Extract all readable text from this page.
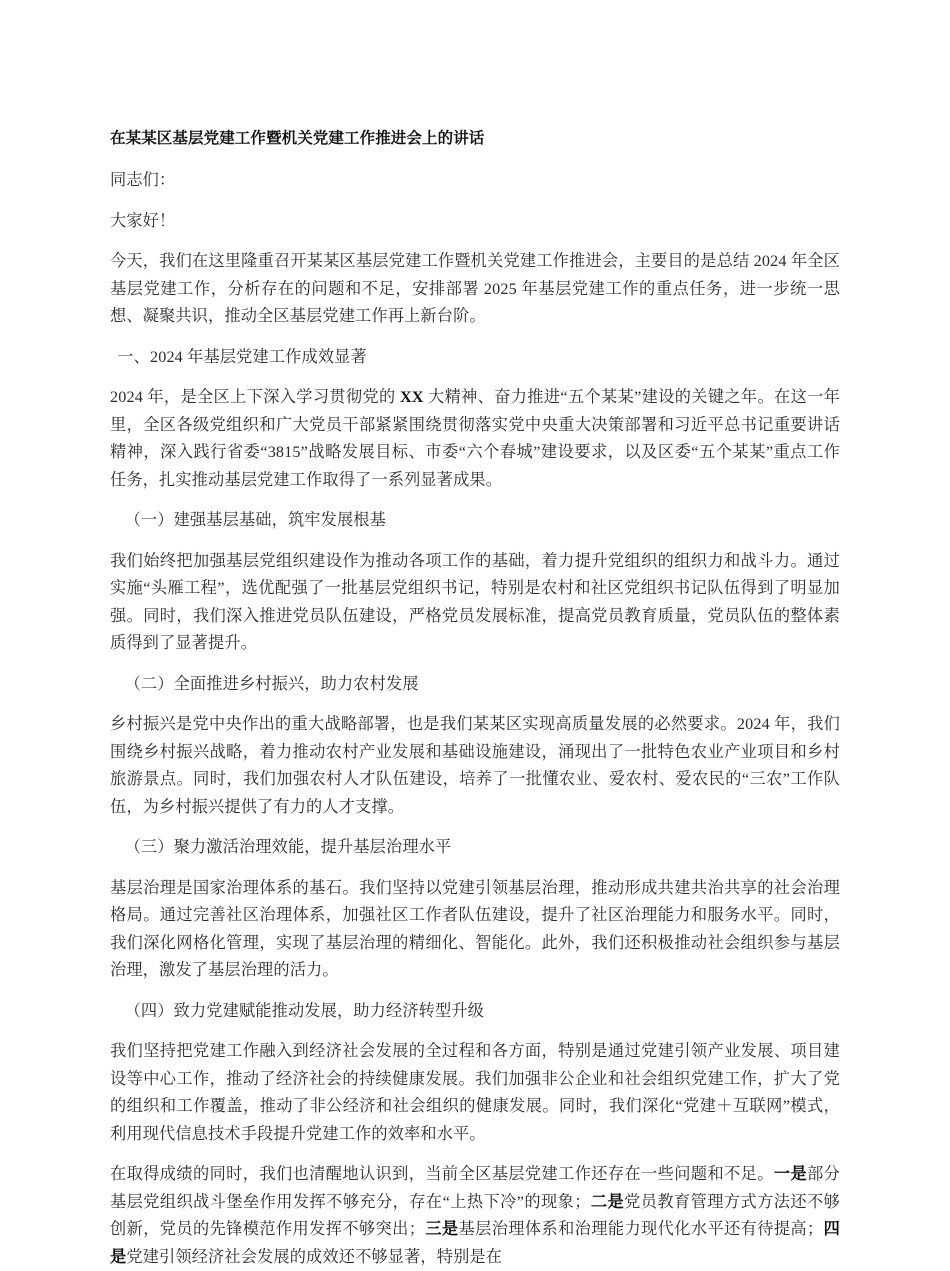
在某某区基层党建工作暨机关党建工作推进会上的讲话

同志们：

大家好！

今天，我们在这里隆重召开某某区基层党建工作暨机关党建工作推进会，主要目的是总结 2024 年全区基层党建工作，分析存在的问题和不足，安排部署 2025 年基层党建工作的重点任务，进一步统一思想、凝聚共识，推动全区基层党建工作再上新台阶。

一、2024 年基层党建工作成效显著

2024 年，是全区上下深入学习贯彻党的 XX 大精神、奋力推进“五个某某”建设的关键之年。在这一年里，全区各级党组织和广大党员干部紧紧围绕贯彻落实党中央重大决策部署和习近平总书记重要讲话精神，深入践行省委“3815”战略发展目标、市委“六个春城”建设要求，以及区委“五个某某”重点工作任务，扎实推动基层党建工作取得了一系列显著成果。

（一）建强基层基础，筑牢发展根基

我们始终把加强基层党组织建设作为推动各项工作的基础，着力提升党组织的组织力和战斗力。通过实施“头雁工程”，选优配强了一批基层党组织书记，特别是农村和社区党组织书记队伍得到了明显加强。同时，我们深入推进党员队伍建设，严格党员发展标准，提高党员教育质量，党员队伍的整体素质得到了显著提升。

（二）全面推进乡村振兴，助力农村发展

乡村振兴是党中央作出的重大战略部署，也是我们某某区实现高质量发展的必然要求。2024 年，我们围绕乡村振兴战略，着力推动农村产业发展和基础设施建设，涌现出了一批特色农业产业项目和乡村旅游景点。同时，我们加强农村人才队伍建设，培养了一批懂农业、爱农村、爱农民的“三农”工作队伍，为乡村振兴提供了有力的人才支撑。

（三）聚力激活治理效能，提升基层治理水平

基层治理是国家治理体系的基石。我们坚持以党建引领基层治理，推动形成共建共治共享的社会治理格局。通过完善社区治理体系，加强社区工作者队伍建设，提升了社区治理能力和服务水平。同时，我们深化网格化管理，实现了基层治理的精细化、智能化。此外，我们还积极推动社会组织参与基层治理，激发了基层治理的活力。

（四）致力党建赋能推动发展，助力经济转型升级

我们坚持把党建工作融入到经济社会发展的全过程和各方面，特别是通过党建引领产业发展、项目建设等中心工作，推动了经济社会的持续健康发展。我们加强非公企业和社会组织党建工作，扩大了党的组织和工作覆盖，推动了非公经济和社会组织的健康发展。同时，我们深化“党建＋互联网”模式，利用现代信息技术手段提升党建工作的效率和水平。

在取得成绩的同时，我们也清醒地认识到，当前全区基层党建工作还存在一些问题和不足。一是部分基层党组织战斗堡垒作用发挥不够充分，存在“上热下冷”的现象；二是党员教育管理方式方法还不够创新，党员的先锋模范作用发挥不够突出；三是基层治理体系和治理能力现代化水平还有待提高；四是党建引领经济社会发展的成效还不够显著，特别是在
